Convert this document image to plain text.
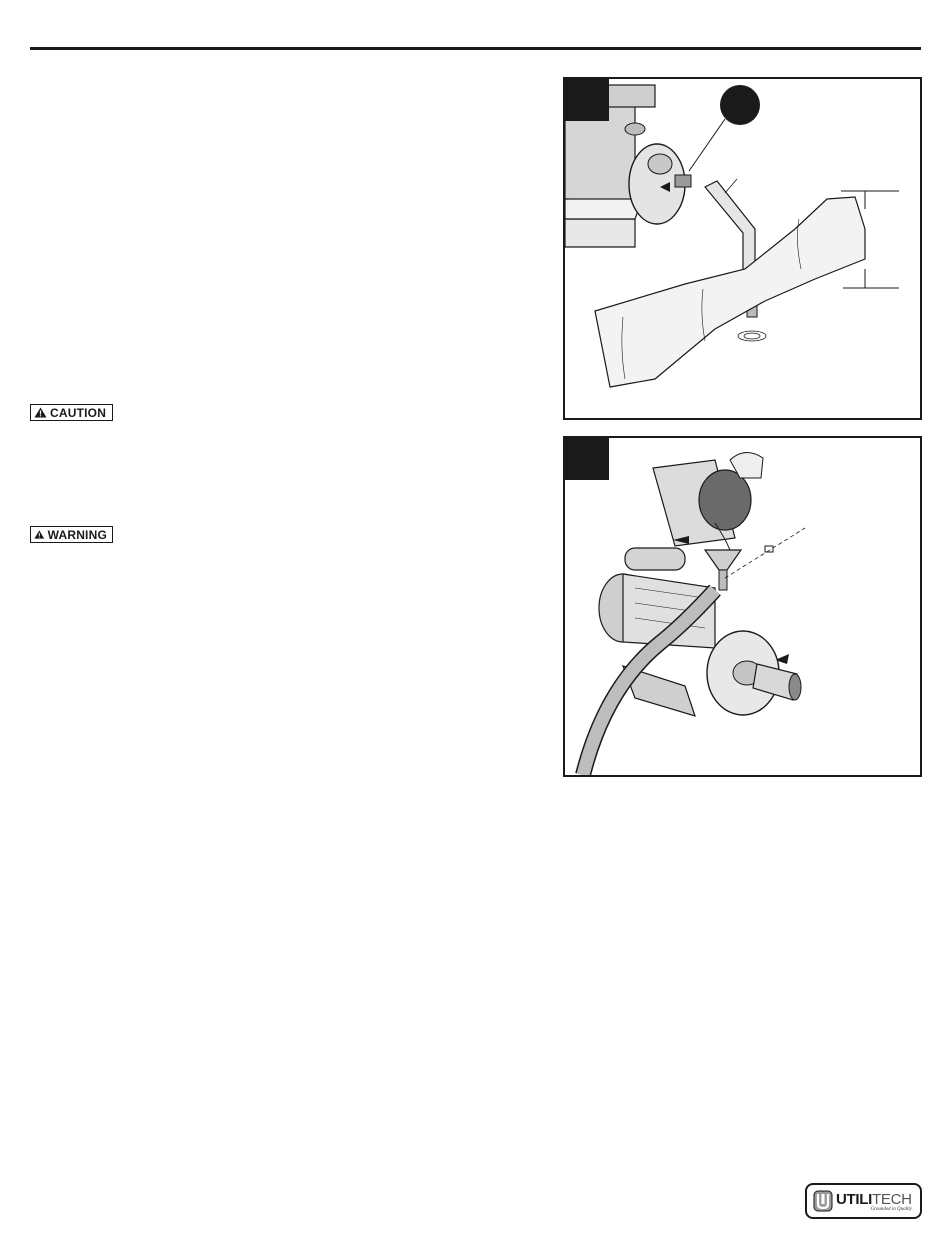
CAUTION
WARNING
UTILITECH
Grounded in Quality
